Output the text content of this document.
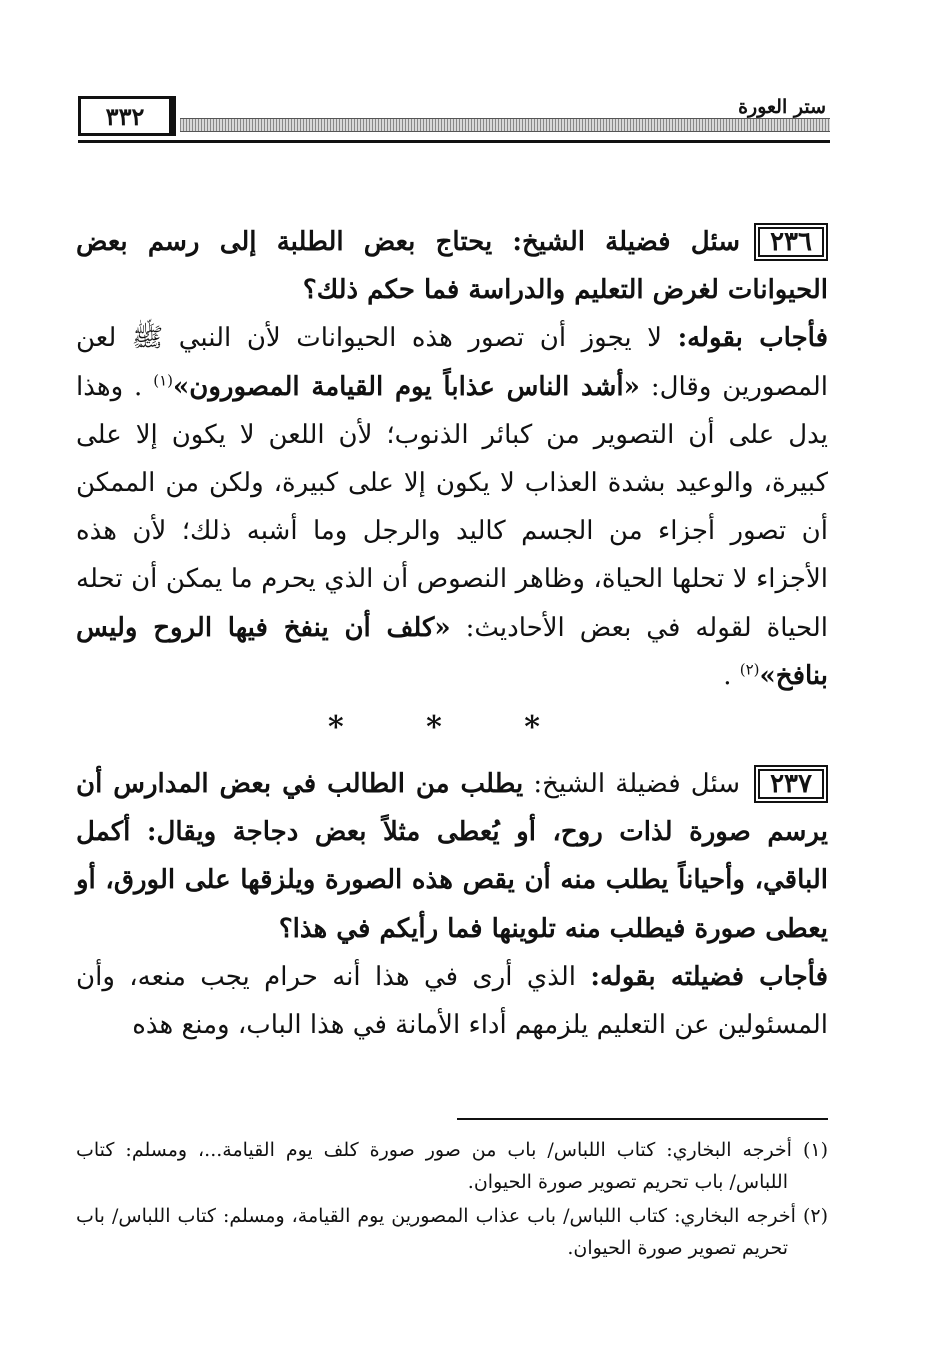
٣٣٢	ستر العورة

٢٣٦سئل فضيلة الشيخ: يحتاج بعض الطلبة إلى رسم بعض الحيوانات لغرض التعليم والدراسة فما حكم ذلك؟

فأجاب بقوله: لا يجوز أن تصور هذه الحيوانات لأن النبي ﷺ لعن المصورين وقال: «أشد الناس عذاباً يوم القيامة المصورون»$^{(١)}$ . وهذا يدل على أن التصوير من كبائر الذنوب؛ لأن اللعن لا يكون إلا على كبيرة، والوعيد بشدة العذاب لا يكون إلا على كبيرة، ولكن من الممكن أن تصور أجزاء من الجسم كاليد والرجل وما أشبه ذلك؛ لأن هذه الأجزاء لا تحلها الحياة، وظاهر النصوص أن الذي يحرم ما يمكن أن تحله الحياة لقوله في بعض الأحاديث: «كلف أن ينفخ فيها الروح وليس بنافخ»$^{(٢)}$ .

* * *

٢٣٧سئل فضيلة الشيخ: يطلب من الطالب في بعض المدارس أن يرسم صورة لذات روح، أو يُعطى مثلاً بعض دجاجة ويقال: أكمل الباقي، وأحياناً يطلب منه أن يقص هذه الصورة ويلزقها على الورق، أو يعطى صورة فيطلب منه تلوينها فما رأيكم في هذا؟

فأجاب فضيلته بقوله: الذي أرى في هذا أنه حرام يجب منعه، وأن المسئولين عن التعليم يلزمهم أداء الأمانة في هذا الباب، ومنع هذه

(١) أخرجه البخاري: كتاب اللباس/ باب من صور صورة كلف يوم القيامة...، ومسلم: كتاب اللباس/ باب تحريم تصوير صورة الحيوان.

(٢) أخرجه البخاري: كتاب اللباس/ باب عذاب المصورين يوم القيامة، ومسلم: كتاب اللباس/ باب تحريم تصوير صورة الحيوان.
